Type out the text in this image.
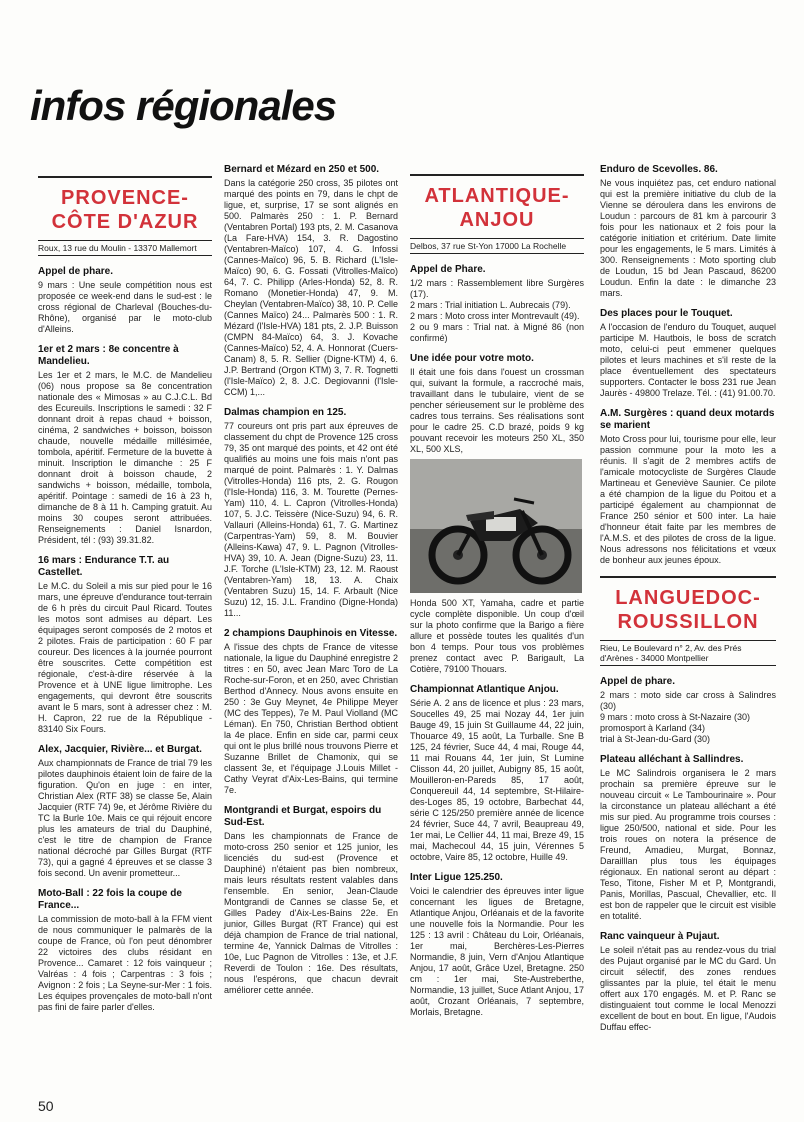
infos régionales
PROVENCE-
CÔTE D'AZUR
Roux, 13 rue du Moulin - 13370 Mallemort
Appel de phare.

9 mars : Une seule compétition nous est proposée ce week-end dans le sud-est : le cross régional de Charleval (Bouches-du-Rhône), organisé par le moto-club d'Alleins.

1er et 2 mars : 8e concentre à Mandelieu.

Les 1er et 2 mars, le M.C. de Mandelieu (06) nous propose sa 8e concentration nationale des « Mimosas » au C.J.C.L. Bd des Ecureuils. Inscriptions le samedi : 32 F donnant droit à repas chaud + boisson, cinéma, 2 sandwiches + boisson, boisson chaude, nouvelle médaille millésimée, tombola, apéritif. Fermeture de la buvette à minuit. Inscription le dimanche : 25 F donnant droit à boisson chaude, 2 sandwichs + boisson, médaille, tombola, apéritif. Pointage : samedi de 16 à 23 h, dimanche de 8 à 11 h. Camping gratuit. Au moins 30 coupes seront attribuées. Renseignements : Daniel Isnardon, Président, tél : (93) 39.31.82.

16 mars : Endurance T.T. au Castellet.

Le M.C. du Soleil a mis sur pied pour le 16 mars, une épreuve d'endurance tout-terrain de 6 h près du circuit Paul Ricard. Toutes les motos sont admises au départ. Les équipages seront composés de 2 motos et 2 pilotes. Frais de participation : 60 F par coureur. Des licences à la journée pourront être souscrites. Cette compétition est régionale, c'est-à-dire réservée à la Provence et à UNE ligue limitrophe. Les engagements, qui devront être souscrits avant le 5 mars, sont à adresser chez : M. H. Capron, 22 rue de la République - 83140 Six Fours.

Alex, Jacquier, Rivière... et Burgat.

Aux championnats de France de trial 79 les pilotes dauphinois étaient loin de faire de la figuration. Qu'on en juge : en inter, Christian Alex (RTF 38) se classe 5e, Alain Jacquier (RTF 74) 9e, et Jérôme Rivière du TC la Burle 10e. Mais ce qui réjouit encore plus les amateurs de trial du Dauphiné, c'est le titre de champion de France national décroché par Gilles Burgat (RTF 73), qui a gagné 4 épreuves et se classe 3 fois second. Un avenir prometteur...

Moto-Ball : 22 fois la coupe de France...

La commission de moto-ball à la FFM vient de nous communiquer le palmarès de la coupe de France, où l'on peut dénombrer 22 victoires des clubs résidant en Provence... Camaret : 12 fois vainqueur ; Valréas : 4 fois ; Carpentras : 3 fois ; Avignon : 2 fois ; La Seyne-sur-Mer : 1 fois. Les équipes provençales de moto-ball n'ont pas fini de faire parler d'elles.

Bernard et Mézard en 250 et 500.

Dans la catégorie 250 cross, 35 pilotes ont marqué des points en 79, dans le chpt de ligue, et, surprise, 17 se sont alignés en 500. Palmarès 250 : 1. P. Bernard (Ventabren Portal) 193 pts, 2. M. Casanova (La Fare-HVA) 154, 3. R. Dagostino (Ventabren-Maïco) 107, 4. G. Infossi (Cannes-Maïco) 96, 5. B. Richard (L'Isle-Maïco) 90, 6. G. Fossati (Vitrolles-Maïco) 64, 7. C. Philipp (Arles-Honda) 52, 8. R. Romano (Monetier-Honda) 47, 9. M. Cheylan (Ventabren-Maïco) 38, 10. P. Celle (Cannes Maïco) 24... Palmarès 500 : 1. R. Mézard (l'Isle-HVA) 181 pts, 2. J.P. Buisson (CMPN 84-Maïco) 64, 3. J. Kovache (Cannes-Maïco) 52, 4. A. Honnorat (Cuers-Canam) 8, 5. R. Sellier (Digne-KTM) 4, 6. J.P. Bertrand (Orgon KTM) 3, 7. R. Tognetti (l'Isle-Maïco) 2, 8. J.C. Degiovanni (l'Isle-CCM) 1,...

Dalmas champion en 125.

77 coureurs ont pris part aux épreuves de classement du chpt de Provence 125 cross 79, 35 ont marqué des points, et 42 ont été qualifiés au moins une fois mais n'ont pas marqué de point. Palmarès : 1. Y. Dalmas (Vitrolles-Honda) 116 pts, 2. G. Rougon (l'Isle-Honda) 116, 3. M. Tourette (Pernes-Yam) 110, 4. L. Capron (Vitrolles-Honda) 107, 5. J.C. Teissère (Nice-Suzu) 94, 6. R. Vallauri (Alleins-Honda) 61, 7. G. Martinez (Carpentras-Yam) 59, 8. M. Bouvier (Alleins-Kawa) 47, 9. L. Pagnon (Vitrolles-HVA) 39, 10. A. Jean (Digne-Suzu) 23, 11. J.F. Torche (L'Isle-KTM) 23, 12. M. Raoust (Ventabren-Yam) 18, 13. A. Chaix (Ventabren Suzu) 15, 14. F. Arbault (Nice Suzu) 12, 15. J.L. Frandino (Digne-Honda) 11...

2 champions Dauphinois en Vitesse.

A l'issue des chpts de France de vitesse nationale, la ligue du Dauphiné enregistre 2 titres : en 50, avec Jean Marc Toro de La Roche-sur-Foron, et en 250, avec Christian Berthod d'Annecy. Nous avons ensuite en 250 : 3e Guy Meynet, 4e Philippe Meyer (MC des Teppes), 7e M. Paul Violland (MC Léman). En 750, Christian Berthod obtient la 4e place. Enfin en side car, parmi ceux qui ont le plus brillé nous trouvons Pierre et Suzanne Brillet de Chamonix, qui se classent 3e, et l'équipage J.Louis Millet - Cathy Veyrat d'Aix-Les-Bains, qui termine 7e.

Montgrandi et Burgat, espoirs du Sud-Est.

Dans les championnats de France de moto-cross 250 senior et 125 junior, les licenciés du sud-est (Provence et Dauphiné) n'étaient pas bien nombreux, mais leurs résultats restent valables dans l'ensemble. En senior, Jean-Claude Montgrandi de Cannes se classe 5e, et Gilles Padey d'Aix-Les-Bains 22e. En junior, Gilles Burgat (RT France) qui est déjà champion de France de trial national, termine 4e, Yannick Dalmas de Vitrolles : 10e, Luc Pagnon de Vitrolles : 13e, et J.F. Reverdi de Toulon : 16e. Des résultats, nous l'espérons, que chacun devrait améliorer cette année.

ATLANTIQUE-
ANJOU
Delbos, 37 rue St-Yon 17000 La Rochelle
Appel de Phare.

1/2 mars : Rassemblement libre Surgères (17).
2 mars : Trial initiation L. Aubrecais (79).
2 mars : Moto cross inter Montrevault (49).
2 ou 9 mars : Trial nat. à Migné 86 (non confirmé)

Une idée pour votre moto.

Il était une fois dans l'ouest un crossman qui, suivant la formule, a raccroché mais, travaillant dans le tubulaire, vient de se pencher sérieusement sur le problème des cadres tous terrains. Ses réalisations sont pour le cadre 25. C.D brazé, poids 9 kg pouvant recevoir les moteurs 250 XL, 350 XL, 500 XLS,

Honda 500 XT, Yamaha, cadre et partie cycle complète disponible. Un coup d'œil sur la photo confirme que la Barigo a fière allure et possède toutes les qualités d'un bon 4 temps. Pour tous vos problèmes prenez contact avec P. Barigault, La Cotière, 79100 Thouars.

Championnat Atlantique Anjou.

Série A. 2 ans de licence et plus : 23 mars, Soucelles 49, 25 mai Nozay 44, 1er juin Bauge 49, 15 juin St Guillaume 44, 22 juin, Thouarce 49, 15 août, La Turballe. Sne B 125, 24 février, Suce 44, 4 mai, Rouge 44, 11 mai Rouans 44, 1er juin, St Lumine Clisson 44, 20 juillet, Aubigny 85, 15 août, Mouilleron-en-Pareds 85, 17 août, Conquereuil 44, 14 septembre, St-Hilaire-des-Loges 85, 19 octobre, Barbechat 44, série C 125/250 première année de licence 24 février, Suce 44, 7 avril, Beaupreau 49, 1er mai, Le Cellier 44, 11 mai, Breze 49, 15 mai, Machecoul 44, 15 juin, Vérennes 5 octobre, Vaire 85, 12 octobre, Huille 49.

Inter Ligue 125.250.

Voici le calendrier des épreuves inter ligue concernant les ligues de Bretagne, Atlantique Anjou, Orléanais et de la favorite une nouvelle fois la Normandie. Pour les 125 : 13 avril : Château du Loir, Orléanais, 1er mai, Berchères-Les-Pierres Normandie, 8 juin, Vern d'Anjou Atlantique Anjou, 17 août, Grâce Uzel, Bretagne. 250 cm : 1er mai, Ste-Austreberthe, Normandie, 13 juillet, Suce Atlant Anjou, 17 août, Crozant Orléanais, 7 septembre, Morlais, Bretagne.

Enduro de Scevolles. 86.

Ne vous inquiétez pas, cet enduro national qui est la première initiative du club de la Vienne se déroulera dans les environs de Loudun : parcours de 81 km à parcourir 3 fois pour les nationaux et 2 fois pour la catégorie initiation et critérium. Date limite pour les engagements, le 5 mars. Limités à 300. Renseignements : Moto sporting club de Loudun, 15 bd Jean Pascaud, 86200 Loudun. Enfin la date : le dimanche 23 mars.

Des places pour le Touquet.

A l'occasion de l'enduro du Touquet, auquel participe M. Hautbois, le boss de scratch moto, celui-ci peut emmener quelques pilotes et leurs machines et s'il reste de la place éventuellement des spectateurs supporters. Contacter le boss 231 rue Jean Jaurès - 49800 Trelaze. Tél. : (41) 91.00.70.

A.M. Surgères : quand deux motards se marient

Moto Cross pour lui, tourisme pour elle, leur passion commune pour la moto les a réunis. Il s'agit de 2 membres actifs de l'amicale motocycliste de Surgères Claude Martineau et Geneviève Saunier. Ce pilote a été champion de la ligue du Poitou et a participé également au championnat de France 250 sénior et 500 inter. La haie d'honneur était faite par les membres de l'A.M.S. et des pilotes de cross de la ligue. Nous adressons nos félicitations et vœux de bonheur aux jeunes époux.

LANGUEDOC-
ROUSSILLON
Rieu, Le Boulevard n° 2, Av. des Prés d'Arènes - 34000 Montpellier
Appel de phare.

2 mars : moto side car cross à Salindres (30)
9 mars : moto cross à St-Nazaire (30)
promosport à Karland (34)
trial à St-Jean-du-Gard (30)

Plateau alléchant à Sallindres.

Le MC Salindrois organisera le 2 mars prochain sa première épreuve sur le nouveau circuit « Le Tambourinaire ». Pour la circonstance un plateau alléchant a été mis sur pied. Au programme trois courses : ligue 250/500, national et side. Pour les trois roues on notera la présence de Freund, Amadieu, Murgat, Bonnaz, Darailllan plus tous les équipages régionaux. En national seront au départ : Teso, Titone, Fisher M et P, Montgrandi, Panis, Morillas, Pascual, Chevallier, etc. Il est bon de rappeler que le circuit est visible en totalité.

Ranc vainqueur à Pujaut.

Le soleil n'était pas au rendez-vous du trial des Pujaut organisé par le MC du Gard. Un circuit sélectif, des zones rendues glissantes par la pluie, tel était le menu offert aux 170 engagés. M. et P. Ranc se distinguaient tout comme le local Menozzi excellent de bout en bout. En ligue, l'Audois Duffau effec-

50
